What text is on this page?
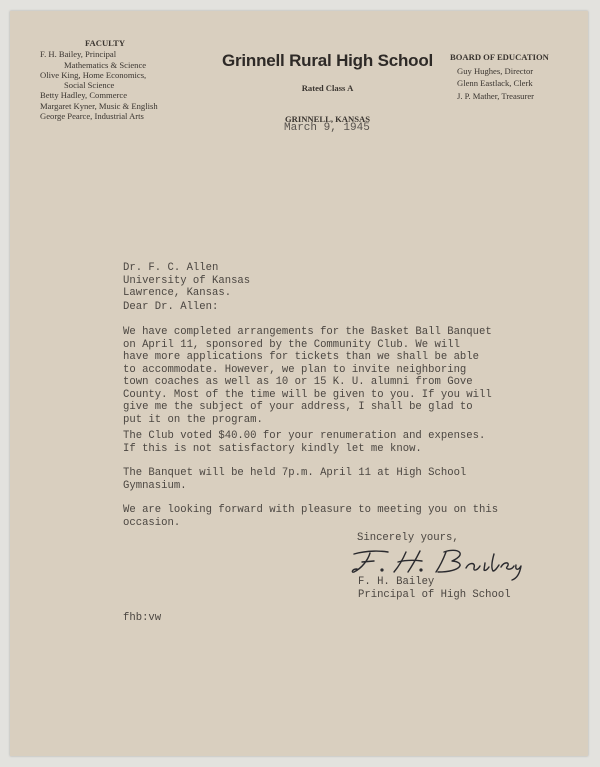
FACULTY
F. H. Bailey, Principal
Mathematics & Science
Olive King, Home Economics,
Social Science
Betty Hadley, Commerce
Margaret Kyner, Music & English
George Pearce, Industrial Arts
Grinnell Rural High School
Rated Class A
GRINNELL, KANSAS
BOARD OF EDUCATION
Guy Hughes, Director
Glenn Eastlack, Clerk
J. P. Mather, Treasurer
March 9, 1945
Dr. F. C. Allen
University of Kansas
Lawrence, Kansas.
Dear Dr. Allen:
We have completed arrangements for the Basket Ball Banquet
on April 11, sponsored by the Community Club. We will
have more applications for tickets than we shall be able
to accommodate. However, we plan to invite neighboring
town coaches as well as 10 or 15 K. U. alumni from Gove
County. Most of the time will be given to you. If you will
give me the subject of your address, I shall be glad to
put it on the program.
The Club voted $40.00 for your renumeration and expenses.
If this is not satisfactory kindly let me know.
The Banquet will be held 7p.m. April 11 at High School
Gymnasium.
We are looking forward with pleasure to meeting you on this
occasion.
Sincerely yours,
F. H. Bailey
Principal of High School
fhb:vw
